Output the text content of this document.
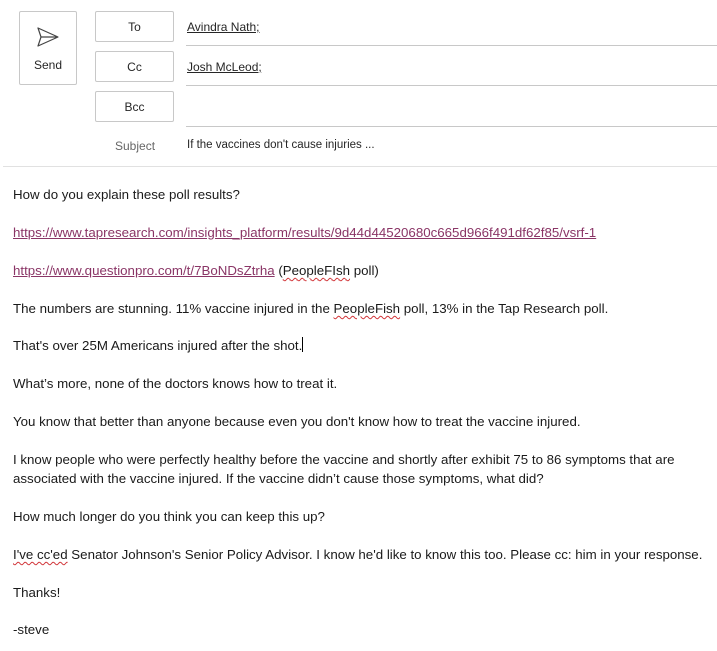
Send
To	Avindra Nath;
Cc	Josh McLeod;
Bcc
Subject	If the vaccines don't cause injuries ...

How do you explain these poll results?

https://www.tapresearch.com/insights_platform/results/9d44d44520680c665d966f491df62f85/vsrf-1

https://www.questionpro.com/t/7BoNDsZtrha (PeopleFIsh poll)

The numbers are stunning. 11% vaccine injured in the PeopleFish poll, 13% in the Tap Research poll.

That's over 25M Americans injured after the shot.

What’s more, none of the doctors knows how to treat it.

You know that better than anyone because even you don't know how to treat the vaccine injured.

I know people who were perfectly healthy before the vaccine and shortly after exhibit 75 to 86 symptoms that are associated with the vaccine injured. If the vaccine didn’t cause those symptoms, what did?

How much longer do you think you can keep this up?

I've cc'ed Senator Johnson's Senior Policy Advisor. I know he'd like to know this too. Please cc: him in your response.

Thanks!

-steve
